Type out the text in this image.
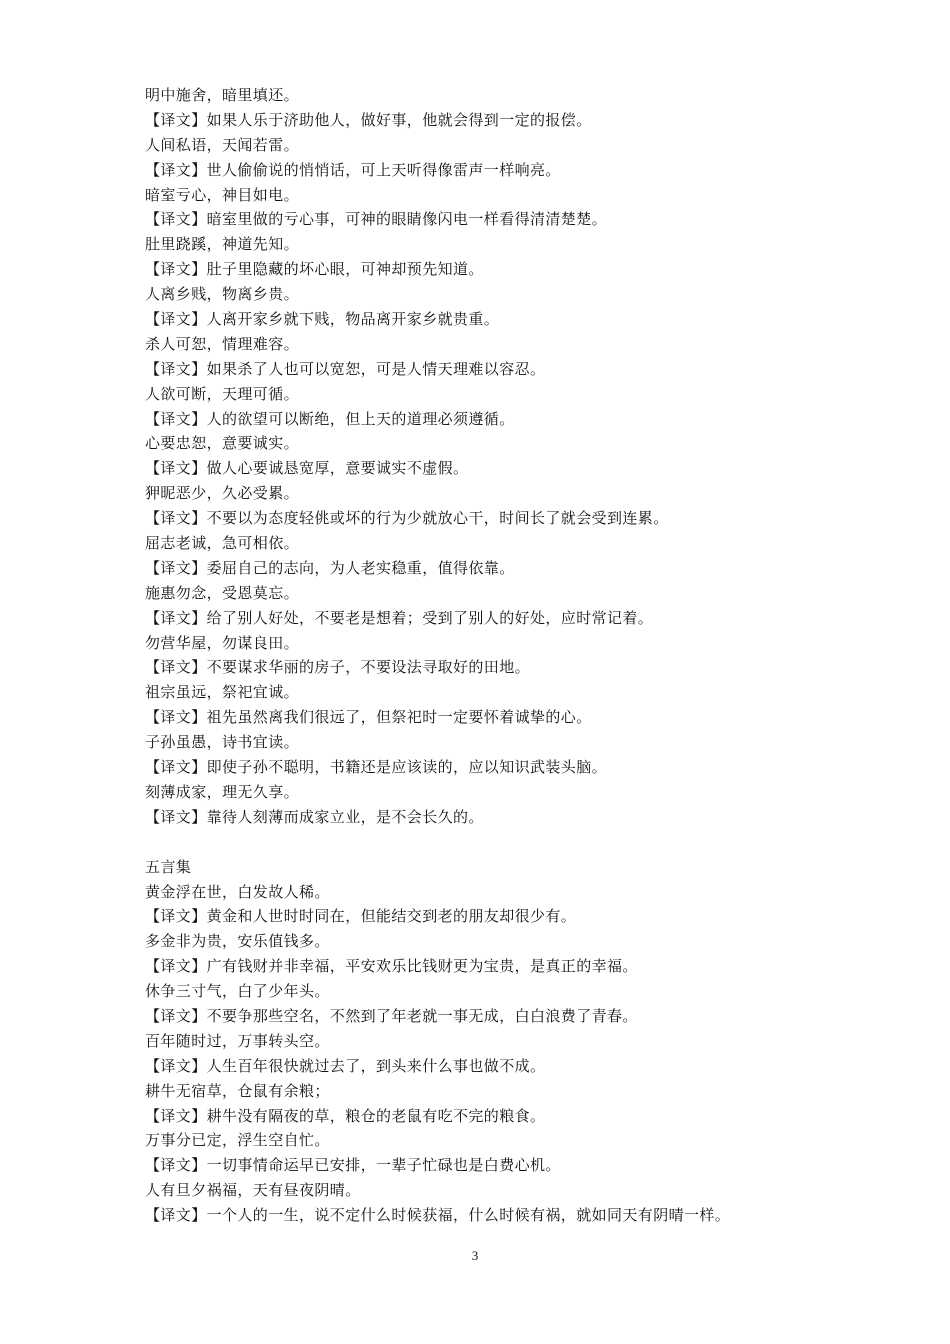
明中施舍，暗里填还。
【译文】如果人乐于济助他人，做好事，他就会得到一定的报偿。
人间私语，天闻若雷。
【译文】世人偷偷说的悄悄话，可上天听得像雷声一样响亮。
暗室亏心，神目如电。
【译文】暗室里做的亏心事，可神的眼睛像闪电一样看得清清楚楚。
肚里跷蹊，神道先知。
【译文】肚子里隐藏的坏心眼，可神却预先知道。
人离乡贱，物离乡贵。
【译文】人离开家乡就下贱，物品离开家乡就贵重。
杀人可恕，情理难容。
【译文】如果杀了人也可以宽恕，可是人情天理难以容忍。
人欲可断，天理可循。
【译文】人的欲望可以断绝，但上天的道理必须遵循。
心要忠恕，意要诚实。
【译文】做人心要诚恳宽厚，意要诚实不虚假。
狎昵恶少，久必受累。
【译文】不要以为态度轻佻或坏的行为少就放心干，时间长了就会受到连累。
屈志老诚，急可相依。
【译文】委屈自己的志向，为人老实稳重，值得依靠。
施惠勿念，受恩莫忘。
【译文】给了别人好处，不要老是想着；受到了别人的好处，应时常记着。
勿营华屋，勿谋良田。
【译文】不要谋求华丽的房子，不要设法寻取好的田地。
祖宗虽远，祭祀宜诚。
【译文】祖先虽然离我们很远了，但祭祀时一定要怀着诚挚的心。
子孙虽愚，诗书宜读。
【译文】即使子孙不聪明，书籍还是应该读的，应以知识武装头脑。
刻薄成家，理无久享。
【译文】靠待人刻薄而成家立业，是不会长久的。
五言集
黄金浮在世，白发故人稀。
【译文】黄金和人世时时同在，但能结交到老的朋友却很少有。
多金非为贵，安乐值钱多。
【译文】广有钱财并非幸福，平安欢乐比钱财更为宝贵，是真正的幸福。
休争三寸气，白了少年头。
【译文】不要争那些空名，不然到了年老就一事无成，白白浪费了青春。
百年随时过，万事转头空。
【译文】人生百年很快就过去了，到头来什么事也做不成。
耕牛无宿草，仓鼠有余粮；
【译文】耕牛没有隔夜的草，粮仓的老鼠有吃不完的粮食。
万事分已定，浮生空自忙。
【译文】一切事情命运早已安排，一辈子忙碌也是白费心机。
人有旦夕祸福，天有昼夜阴晴。
【译文】一个人的一生，说不定什么时候获福，什么时候有祸，就如同天有阴晴一样。
3
